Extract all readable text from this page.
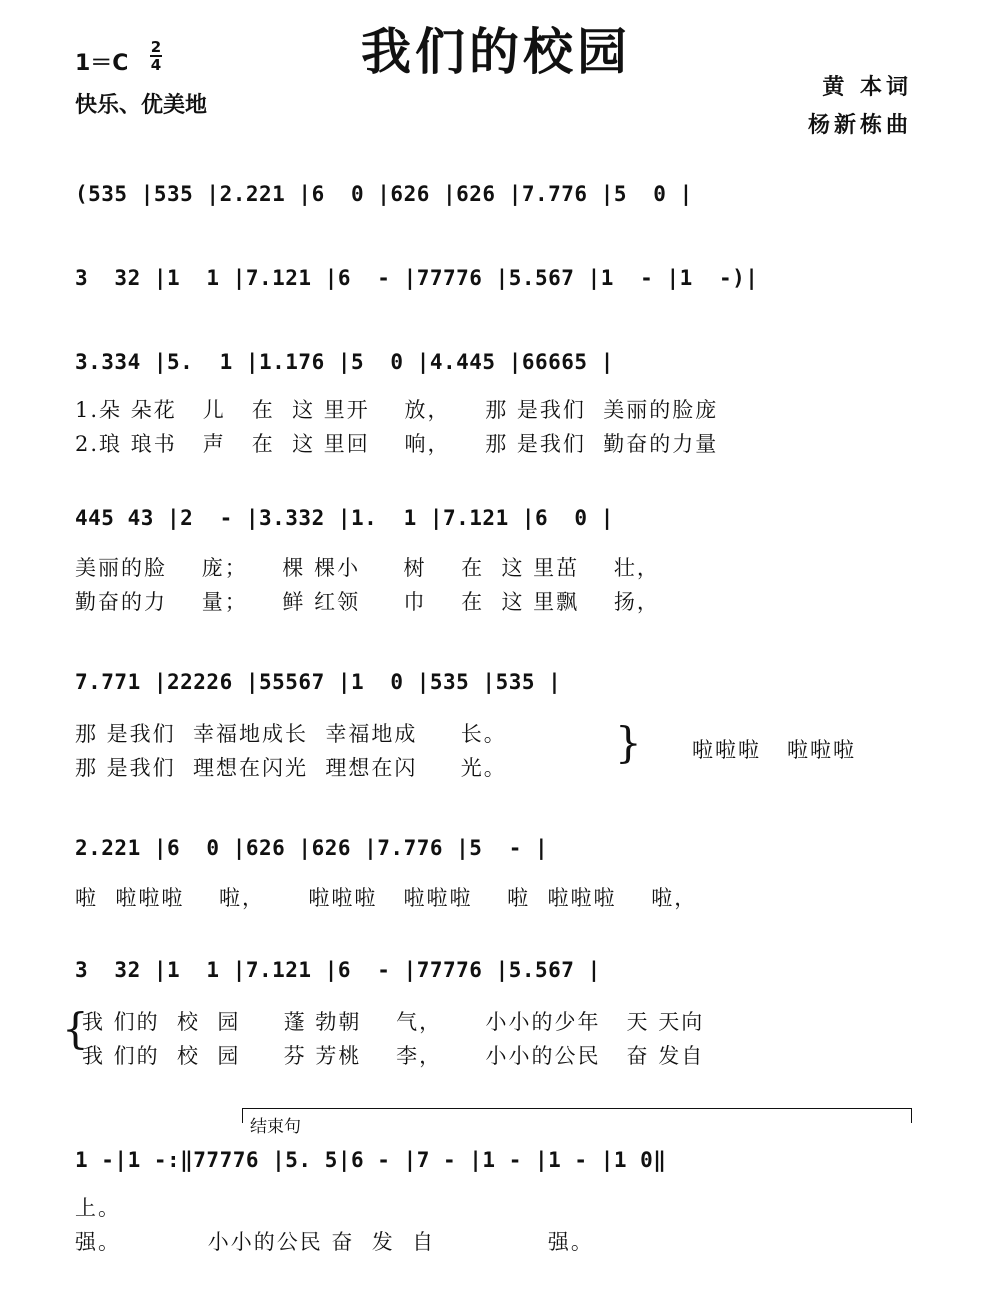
我们的校园
1＝C
2
4
快乐、优美地
黄 本词
杨新栋曲
(535 |535 |2.221 |6  0 |626 |626 |7.776 |5  0 |
3  32 |1  1 |7.121 |6  - |77776 |5.567 |1  - |1  -)|
3.334 |5.  1 |1.176 |5  0 |4.445 |66665 |
1.朵 朵花   儿   在  这 里开    放，    那 是我们  美丽的脸庞
2.琅 琅书   声   在  这 里回    响，    那 是我们  勤奋的力量
445 43 |2  - |3.332 |1.  1 |7.121 |6  0 |
美丽的脸    庞；    棵 棵小     树    在  这 里茁    壮，
勤奋的力    量；    鲜 红领     巾    在  这 里飘    扬，
7.771 |22226 |55567 |1  0 |535 |535 |
那 是我们  幸福地成长  幸福地成     长。
那 是我们  理想在闪光  理想在闪     光。
} 啦啦啦   啦啦啦
2.221 |6  0 |626 |626 |7.776 |5  - |
啦  啦啦啦    啦，     啦啦啦   啦啦啦    啦  啦啦啦    啦，
3  32 |1  1 |7.121 |6  - |77776 |5.567 |
{
我 们的  校  园     蓬 勃朝    气，     小小的少年   天 天向
我 们的  校  园     芬 芳桃    李，     小小的公民   奋 发自
结束句
1 -|1 -:‖77776 |5. 5|6 - |7 - |1 - |1 - |1 0‖
上。
强。          小小的公民 奋  发  自             强。
